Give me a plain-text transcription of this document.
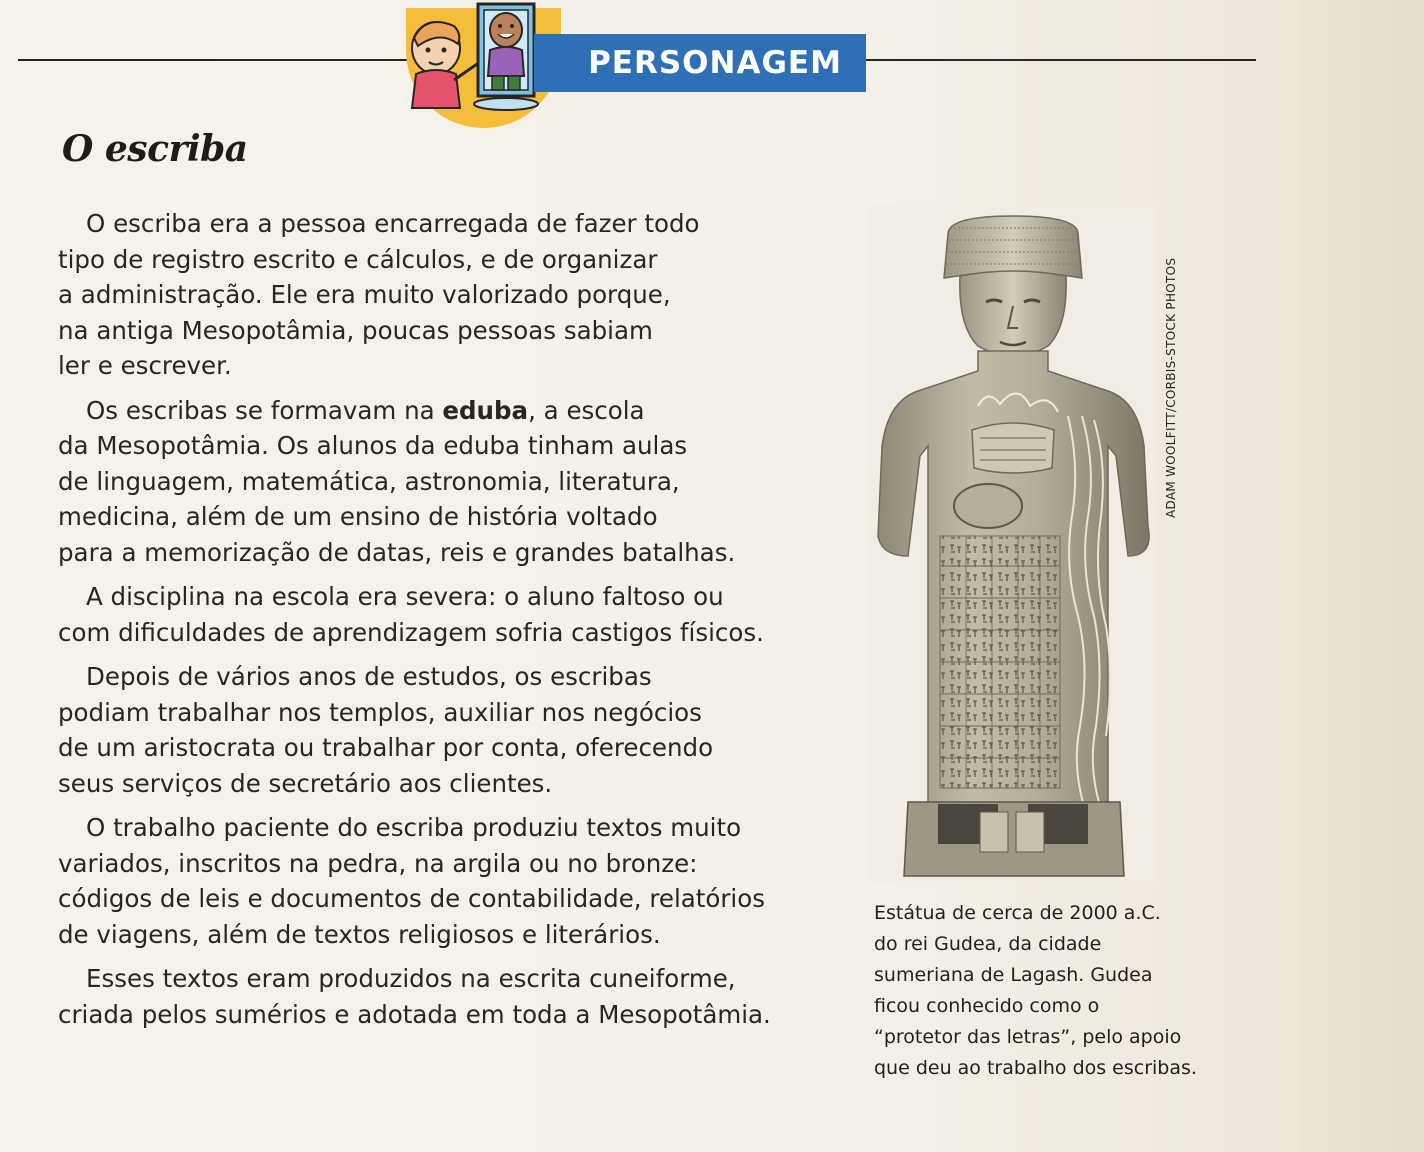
PERSONAGEM
O escriba

O escriba era a pessoa encarregada de fazer todo
tipo de registro escrito e cálculos, e de organizar
a administração. Ele era muito valorizado porque,
na antiga Mesopotâmia, poucas pessoas sabiam
ler e escrever.

Os escribas se formavam na eduba, a escola
da Mesopotâmia. Os alunos da eduba tinham aulas
de linguagem, matemática, astronomia, literatura,
medicina, além de um ensino de história voltado
para a memorização de datas, reis e grandes batalhas.

A disciplina na escola era severa: o aluno faltoso ou
com dificuldades de aprendizagem sofria castigos físicos.

Depois de vários anos de estudos, os escribas
podiam trabalhar nos templos, auxiliar nos negócios
de um aristocrata ou trabalhar por conta, oferecendo
seus serviços de secretário aos clientes.

O trabalho paciente do escriba produziu textos muito
variados, inscritos na pedra, na argila ou no bronze:
códigos de leis e documentos de contabilidade, relatórios
de viagens, além de textos religiosos e literários.

Esses textos eram produzidos na escrita cuneiforme,
criada pelos sumérios e adotada em toda a Mesopotâmia.

ADAM WOOLFITT/CORBIS-STOCK PHOTOS
Estátua de cerca de 2000 a.C.
do rei Gudea, da cidade
sumeriana de Lagash. Gudea
ficou conhecido como o
“protetor das letras”, pelo apoio
que deu ao trabalho dos escribas.
